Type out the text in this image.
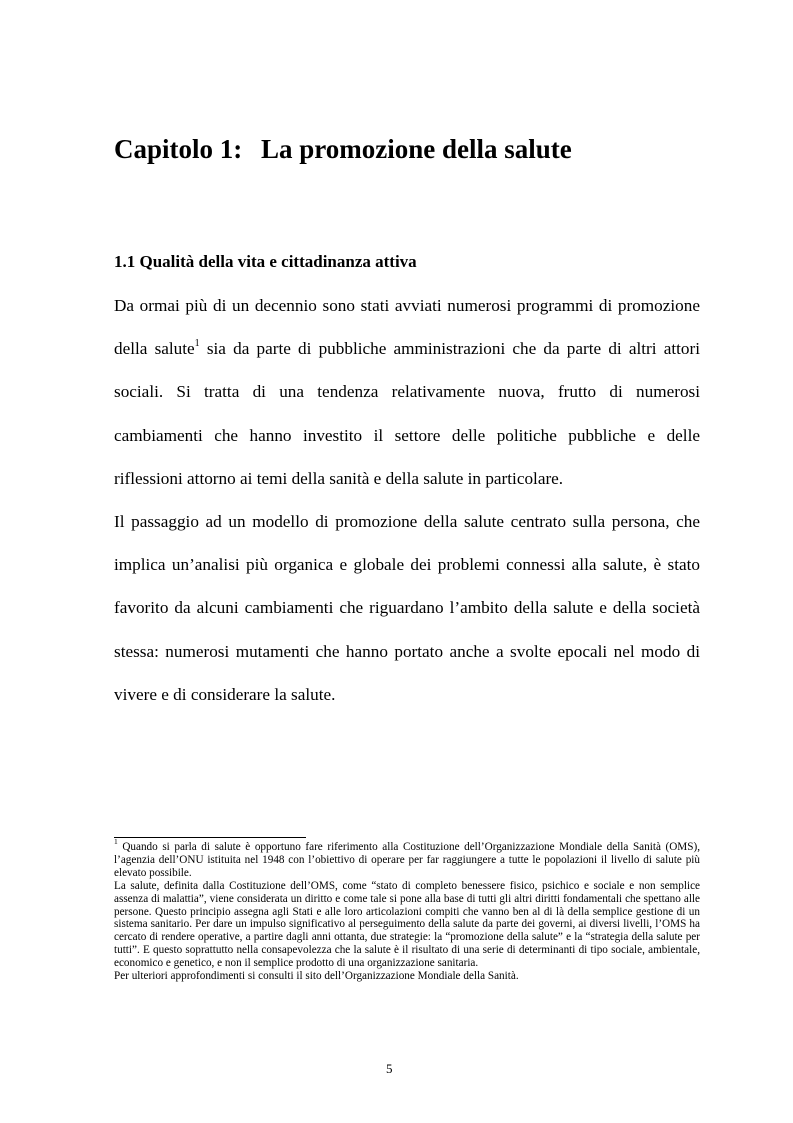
Capitolo 1: La promozione della salute
1.1 Qualità della vita e cittadinanza attiva

Da ormai più di un decennio sono stati avviati numerosi programmi di promozione della salute$^1$ sia da parte di pubbliche amministrazioni che da parte di altri attori sociali. Si tratta di una tendenza relativamente nuova, frutto di numerosi cambiamenti che hanno investito il settore delle politiche pubbliche e delle riflessioni attorno ai temi della sanità e della salute in particolare.

Il passaggio ad un modello di promozione della salute centrato sulla persona, che implica un’analisi più organica e globale dei problemi connessi alla salute, è stato favorito da alcuni cambiamenti che riguardano l’ambito della salute e della società stessa: numerosi mutamenti che hanno portato anche a svolte epocali nel modo di vivere e di considerare la salute.

$^1$ Quando si parla di salute è opportuno fare riferimento alla Costituzione dell’Organizzazione Mondiale della Sanità (OMS), l’agenzia dell’ONU istituita nel 1948 con l’obiettivo di operare per far raggiungere a tutte le popolazioni il livello di salute più elevato possibile.

La salute, definita dalla Costituzione dell’OMS, come “stato di completo benessere fisico, psichico e sociale e non semplice assenza di malattia”, viene considerata un diritto e come tale si pone alla base di tutti gli altri diritti fondamentali che spettano alle persone. Questo principio assegna agli Stati e alle loro articolazioni compiti che vanno ben al di là della semplice gestione di un sistema sanitario. Per dare un impulso significativo al perseguimento della salute da parte dei governi, ai diversi livelli, l’OMS ha cercato di rendere operative, a partire dagli anni ottanta, due strategie: la “promozione della salute” e la “strategia della salute per tutti”. E questo soprattutto nella consapevolezza che la salute è il risultato di una serie di determinanti di tipo sociale, ambientale, economico e genetico, e non il semplice prodotto di una organizzazione sanitaria.

Per ulteriori approfondimenti si consulti il sito dell’Organizzazione Mondiale della Sanità.

5
